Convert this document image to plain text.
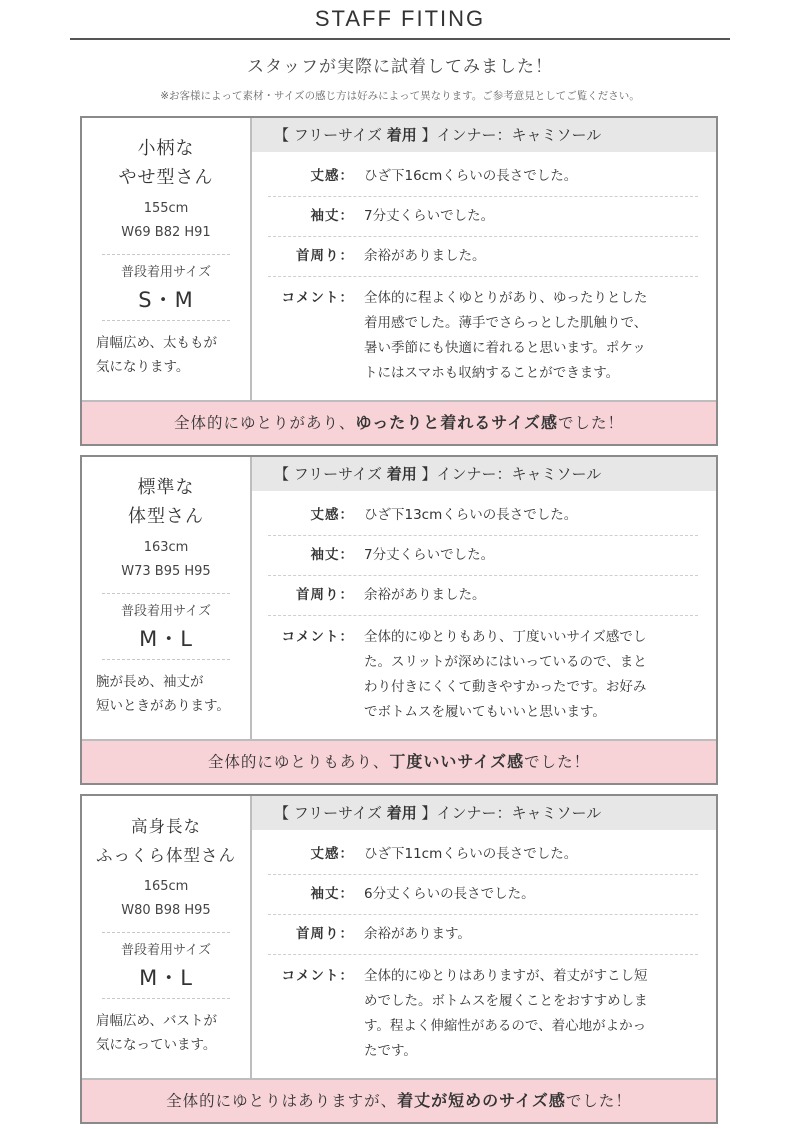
STAFF FITING
スタッフが実際に試着してみました！
※お客様によって素材・サイズの感じ方は好みによって異なります。ご参考意見としてご覧ください。
小柄な
やせ型さん
155cm
W69 B82 H91
普段着用サイズ
S・M
肩幅広め、太ももが
気になります。
【 フリーサイズ 着用 】インナー：キャミソール
丈感： ひざ下16cmくらいの長さでした。
袖丈： 7分丈くらいでした。
首周り： 余裕がありました。
コメント： 全体的に程よくゆとりがあり、ゆったりとした
着用感でした。薄手でさらっとした肌触りで、
暑い季節にも快適に着れると思います。ポケッ
トにはスマホも収納することができます。
全体的にゆとりがあり、ゆったりと着れるサイズ感でした！
標準な
体型さん
163cm
W73 B95 H95
普段着用サイズ
M・L
腕が長め、袖丈が
短いときがあります。
【 フリーサイズ 着用 】インナー：キャミソール
丈感： ひざ下13cmくらいの長さでした。
袖丈： 7分丈くらいでした。
首周り： 余裕がありました。
コメント： 全体的にゆとりもあり、丁度いいサイズ感でし
た。スリットが深めにはいっているので、まと
わり付きにくくて動きやすかったです。お好み
でボトムスを履いてもいいと思います。
全体的にゆとりもあり、丁度いいサイズ感でした！
高身長な
ふっくら体型さん
165cm
W80 B98 H95
普段着用サイズ
M・L
肩幅広め、バストが
気になっています。
【 フリーサイズ 着用 】インナー：キャミソール
丈感： ひざ下11cmくらいの長さでした。
袖丈： 6分丈くらいの長さでした。
首周り： 余裕があります。
コメント： 全体的にゆとりはありますが、着丈がすこし短
めでした。ボトムスを履くことをおすすめしま
す。程よく伸縮性があるので、着心地がよかっ
たです。
全体的にゆとりはありますが、着丈が短めのサイズ感でした！
